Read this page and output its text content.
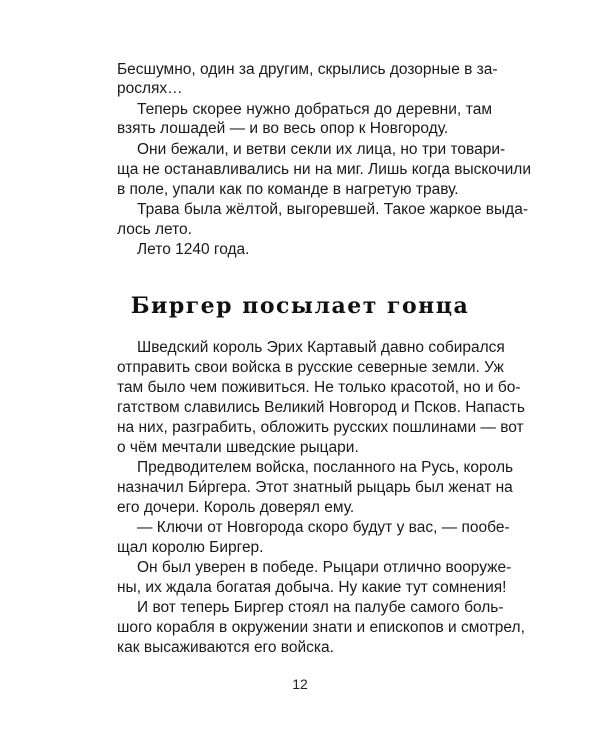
Бесшумно, один за другим, скрылись дозорные в за-
рослях…
Теперь скорее нужно добраться до деревни, там
взять лошадей — и во весь опор к Новгороду.
Они бежали, и ветви секли их лица, но три товари-
ща не останавливались ни на миг. Лишь когда выскочили
в поле, упали как по команде в нагретую траву.
Трава была жёлтой, выгоревшей. Такое жаркое выда-
лось лето.
Лето 1240 года.
Биргер посылает гонца
Шведский король Эрих Картавый давно собирался
отправить свои войска в русские северные земли. Уж
там было чем поживиться. Не только красотой, но и бо-
гатством славились Великий Новгород и Псков. Напасть
на них, разграбить, обложить русских пошлинами — вот
о чём мечтали шведские рыцари.
Предводителем войска, посланного на Русь, король
назначил Би́ргера. Этот знатный рыцарь был женат на
его дочери. Король доверял ему.
— Ключи от Новгорода скоро будут у вас, — пообе-
щал королю Биргер.
Он был уверен в победе. Рыцари отлично вооруже-
ны, их ждала богатая добыча. Ну какие тут сомнения!
И вот теперь Биргер стоял на палубе самого боль-
шого корабля в окружении знати и епископов и смотрел,
как высаживаются его войска.
12
